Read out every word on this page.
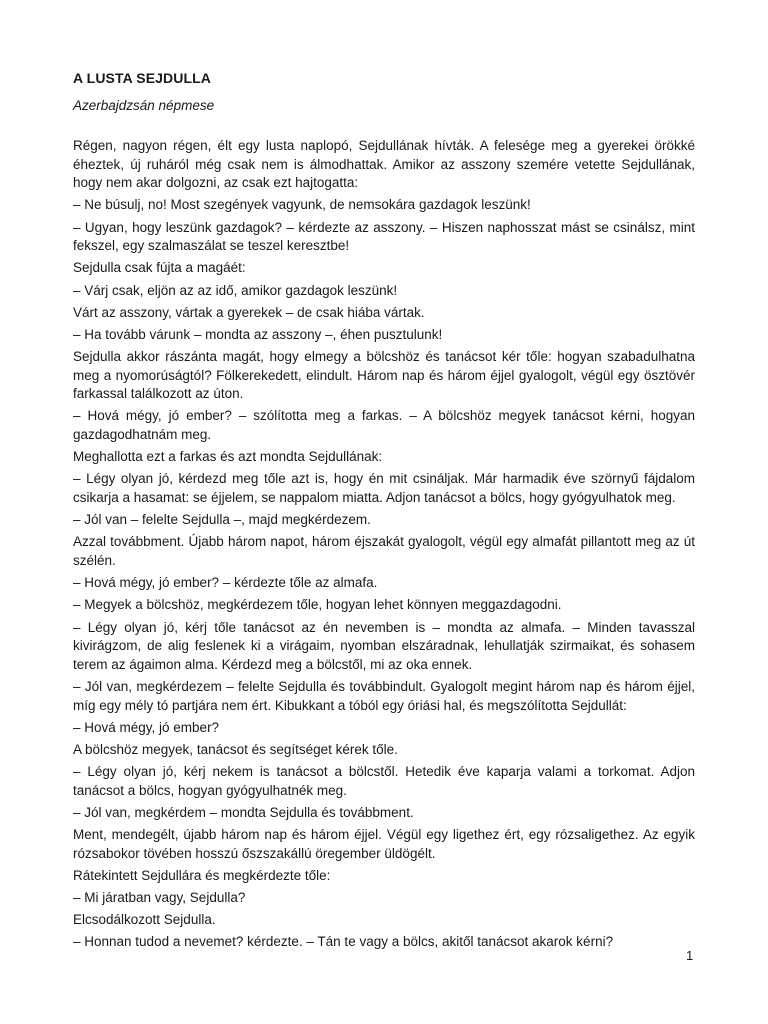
A LUSTA SEJDULLA

Azerbajdzsán népmese

Régen, nagyon régen, élt egy lusta naplopó, Sejdullának hívták. A felesége meg a gyerekei örökké éheztek, új ruháról még csak nem is álmodhattak. Amikor az asszony szemére vetette Sejdullának, hogy nem akar dolgozni, az csak ezt hajtogatta:

– Ne búsulj, no! Most szegények vagyunk, de nemsokára gazdagok leszünk!

– Ugyan, hogy leszünk gazdagok? – kérdezte az asszony. – Hiszen naphosszat mást se csinálsz, mint fekszel, egy szalmaszálat se teszel keresztbe!

Sejdulla csak fújta a magáét:

– Várj csak, eljön az az idő, amikor gazdagok leszünk!

Várt az asszony, vártak a gyerekek – de csak hiába vártak.

– Ha tovább várunk – mondta az asszony –, éhen pusztulunk!

Sejdulla akkor rászánta magát, hogy elmegy a bölcshöz és tanácsot kér tőle: hogyan szabadulhatna meg a nyomorúságtól? Fölkerekedett, elindult. Három nap és három éjjel gyalogolt, végül egy ösztövér farkassal találkozott az úton.

– Hová mégy, jó ember? – szólította meg a farkas. – A bölcshöz megyek tanácsot kérni, hogyan gazdagodhatnám meg.

Meghallotta ezt a farkas és azt mondta Sejdullának:

– Légy olyan jó, kérdezd meg tőle azt is, hogy én mit csináljak. Már harmadik éve szörnyű fájdalom csikarja a hasamat: se éjjelem, se nappalom miatta. Adjon tanácsot a bölcs, hogy gyógyulhatok meg.

– Jól van – felelte Sejdulla –, majd megkérdezem.

Azzal továbbment. Újabb három napot, három éjszakát gyalogolt, végül egy almafát pillantott meg az út szélén.

– Hová mégy, jó ember? – kérdezte tőle az almafa.

– Megyek a bölcshöz, megkérdezem tőle, hogyan lehet könnyen meggazdagodni.

– Légy olyan jó, kérj tőle tanácsot az én nevemben is – mondta az almafa. – Minden tavasszal kivirágzom, de alig feslenek ki a virágaim, nyomban elszáradnak, lehullatják szirmaikat, és sohasem terem az ágaimon alma. Kérdezd meg a bölcstől, mi az oka ennek.

– Jól van, megkérdezem – felelte Sejdulla és továbbindult. Gyalogolt megint három nap és három éjjel, míg egy mély tó partjára nem ért. Kibukkant a tóból egy óriási hal, és megszólította Sejdullát:

– Hová mégy, jó ember?

A bölcshöz megyek, tanácsot és segítséget kérek tőle.

– Légy olyan jó, kérj nekem is tanácsot a bölcstől. Hetedik éve kaparja valami a torkomat. Adjon tanácsot a bölcs, hogyan gyógyulhatnék meg.

– Jól van, megkérdem – mondta Sejdulla és továbbment.

Ment, mendegélt, újabb három nap és három éjjel. Végül egy ligethez ért, egy rózsaligethez. Az egyik rózsabokor tövében hosszú őszszakállú öregember üldögélt.

Rátekintett Sejdullára és megkérdezte tőle:

– Mi járatban vagy, Sejdulla?

Elcsodálkozott Sejdulla.

– Honnan tudod a nevemet? kérdezte. – Tán te vagy a bölcs, akitől tanácsot akarok kérni?

1
